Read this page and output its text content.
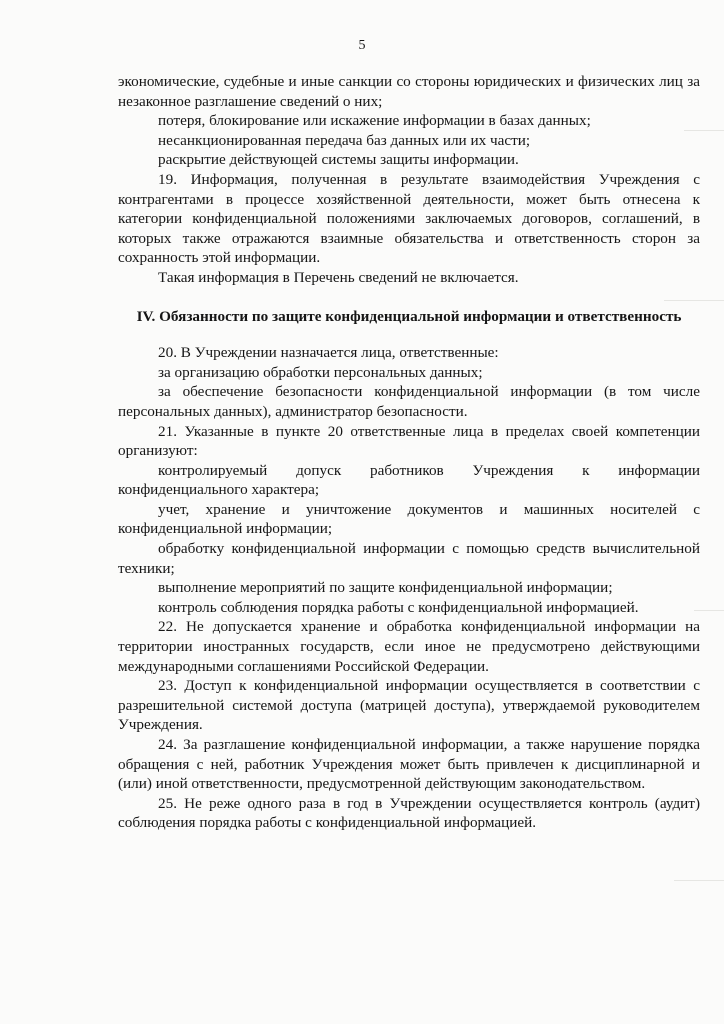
5

экономические, судебные и иные санкции со стороны юридических и физических лиц за незаконное разглашение сведений о них;

потеря, блокирование или искажение информации в базах данных;

несанкционированная передача баз данных или их части;

раскрытие действующей системы защиты информации.

19. Информация, полученная в результате взаимодействия Учреждения с контрагентами в процессе хозяйственной деятельности, может быть отнесена к категории конфиденциальной положениями заключаемых договоров, соглашений, в которых также отражаются взаимные обязательства и ответственность сторон за сохранность этой информации.

Такая информация в Перечень сведений не включается.

IV. Обязанности по защите конфиденциальной информации и ответственность

20. В Учреждении назначается лица, ответственные:

за организацию обработки персональных данных;

за обеспечение безопасности конфиденциальной информации (в том числе персональных данных), администратор безопасности.

21. Указанные в пункте 20 ответственные лица в пределах своей компетенции организуют:

контролируемый допуск работников Учреждения к информации конфиденциального характера;

учет, хранение и уничтожение документов и машинных носителей с конфиденциальной информации;

обработку конфиденциальной информации с помощью средств вычислительной техники;

выполнение мероприятий по защите конфиденциальной информации;

контроль соблюдения порядка работы с конфиденциальной информацией.

22. Не допускается хранение и обработка конфиденциальной информации на территории иностранных государств, если иное не предусмотрено действующими международными соглашениями Российской Федерации.

23. Доступ к конфиденциальной информации осуществляется в соответствии с разрешительной системой доступа (матрицей доступа), утверждаемой руководителем Учреждения.

24. За разглашение конфиденциальной информации, а также нарушение порядка обращения с ней, работник Учреждения может быть привлечен к дисциплинарной и (или) иной ответственности, предусмотренной действующим законодательством.

25. Не реже одного раза в год в Учреждении осуществляется контроль (аудит) соблюдения порядка работы с конфиденциальной информацией.
